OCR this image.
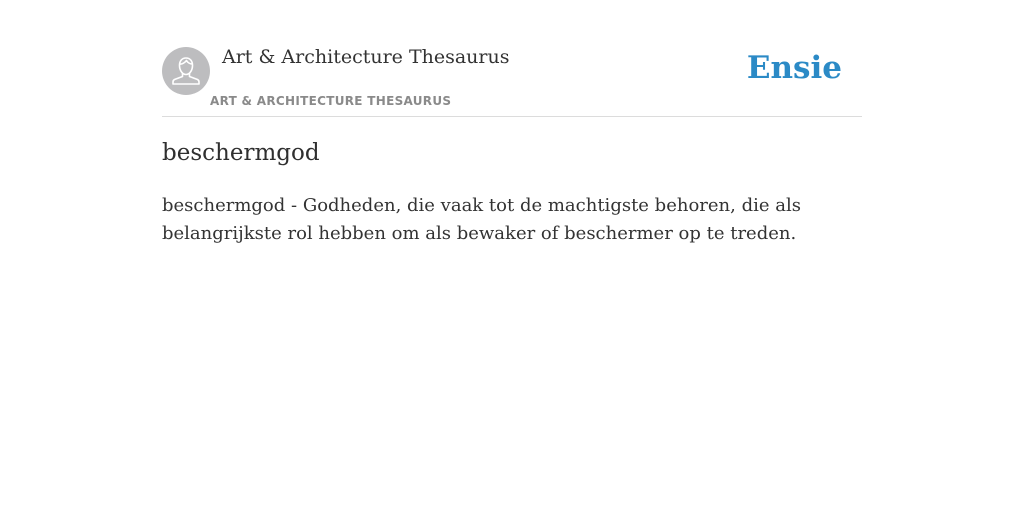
Art & Architecture Thesaurus
ART & ARCHITECTURE THESAURUS
Ensie
beschermgod

beschermgod - Godheden, die vaak tot de machtigste behoren, die als belangrijkste rol hebben om als bewaker of beschermer op te treden.
